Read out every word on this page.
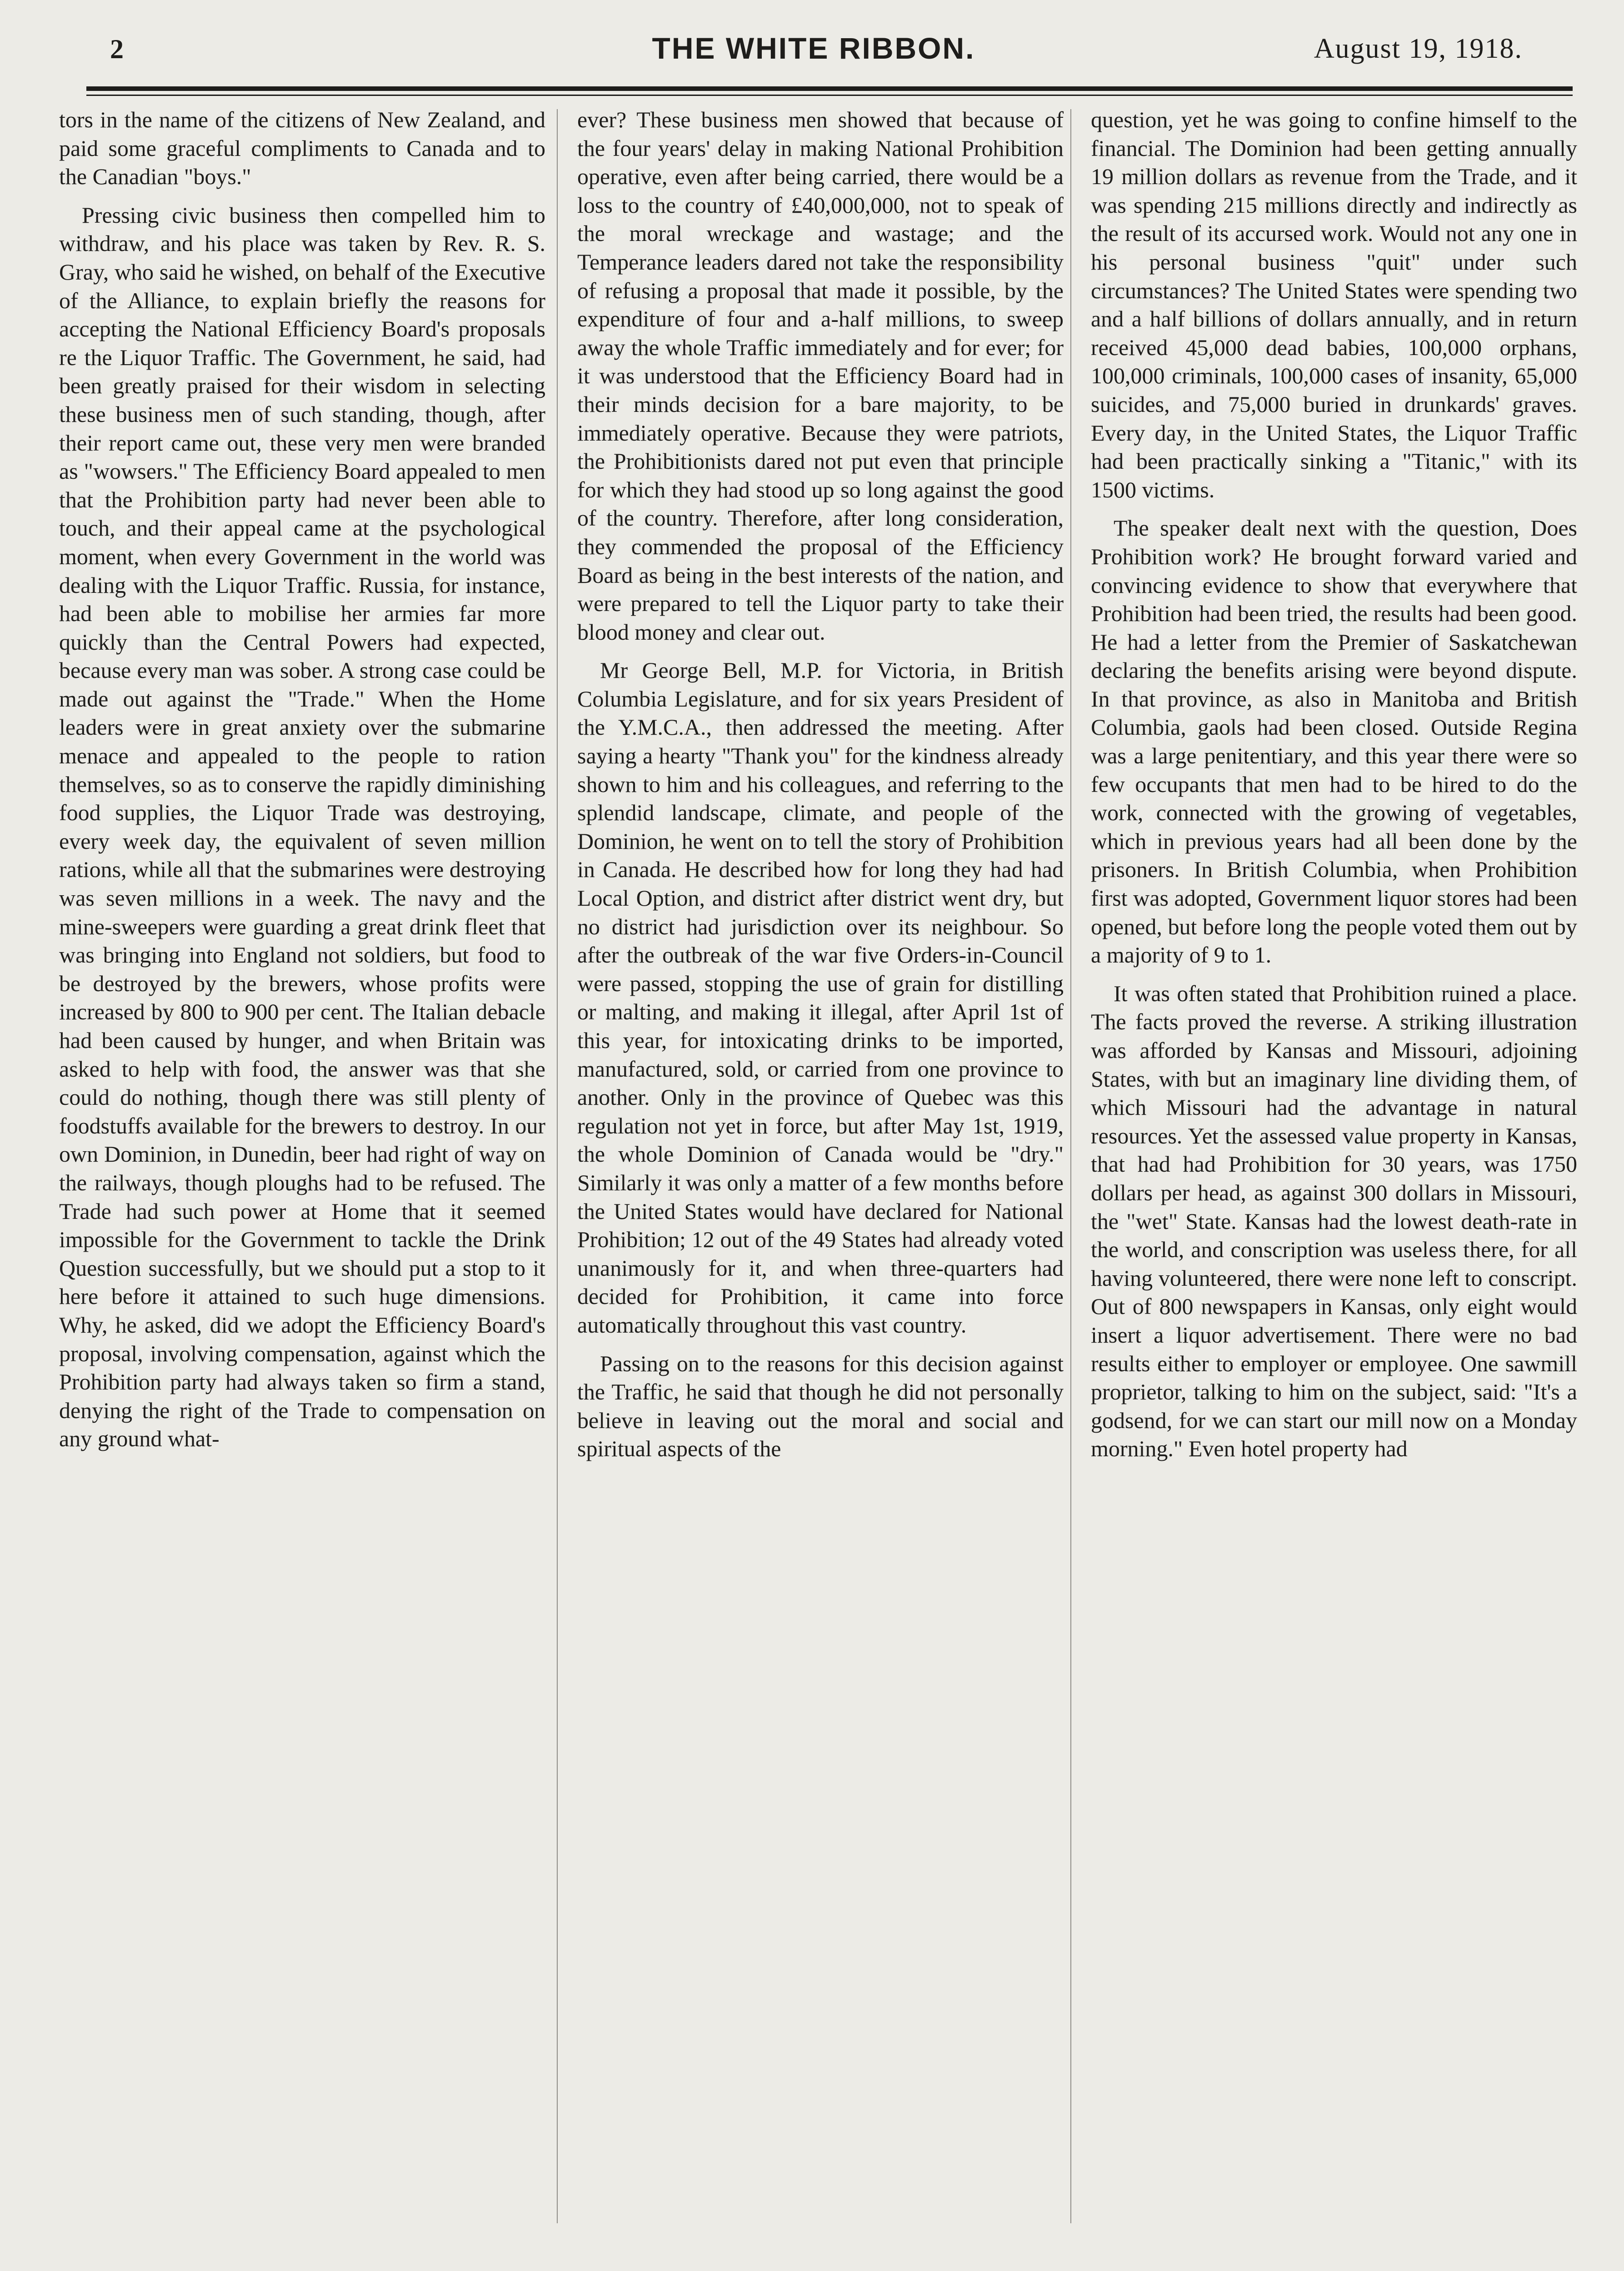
2	THE WHITE RIBBON.	August 19, 1918.

tors in the name of the citizens of New Zealand, and paid some graceful compliments to Canada and to the Canadian "boys."

Pressing civic business then compelled him to withdraw, and his place was taken by Rev. R. S. Gray, who said he wished, on behalf of the Executive of the Alliance, to explain briefly the reasons for accepting the National Efficiency Board's proposals re the Liquor Traffic. The Government, he said, had been greatly praised for their wisdom in selecting these business men of such standing, though, after their report came out, these very men were branded as "wowsers." The Efficiency Board appealed to men that the Prohibition party had never been able to touch, and their appeal came at the psychological moment, when every Government in the world was dealing with the Liquor Traffic. Russia, for instance, had been able to mobilise her armies far more quickly than the Central Powers had expected, because every man was sober. A strong case could be made out against the "Trade." When the Home leaders were in great anxiety over the submarine menace and appealed to the people to ration themselves, so as to conserve the rapidly diminishing food supplies, the Liquor Trade was destroying, every week day, the equivalent of seven million rations, while all that the submarines were destroying was seven millions in a week. The navy and the mine-sweepers were guarding a great drink fleet that was bringing into England not soldiers, but food to be destroyed by the brewers, whose profits were increased by 800 to 900 per cent. The Italian debacle had been caused by hunger, and when Britain was asked to help with food, the answer was that she could do nothing, though there was still plenty of foodstuffs available for the brewers to destroy. In our own Dominion, in Dunedin, beer had right of way on the railways, though ploughs had to be refused. The Trade had such power at Home that it seemed impossible for the Government to tackle the Drink Question successfully, but we should put a stop to it here before it attained to such huge dimensions. Why, he asked, did we adopt the Efficiency Board's proposal, involving compensation, against which the Prohibition party had always taken so firm a stand, denying the right of the Trade to compensation on any ground what-

ever? These business men showed that because of the four years' delay in making National Prohibition operative, even after being carried, there would be a loss to the country of £40,000,000, not to speak of the moral wreckage and wastage; and the Temperance leaders dared not take the responsibility of refusing a proposal that made it possible, by the expenditure of four and a-half millions, to sweep away the whole Traffic immediately and for ever; for it was understood that the Efficiency Board had in their minds decision for a bare majority, to be immediately operative. Because they were patriots, the Prohibitionists dared not put even that principle for which they had stood up so long against the good of the country. Therefore, after long consideration, they commended the proposal of the Efficiency Board as being in the best interests of the nation, and were prepared to tell the Liquor party to take their blood money and clear out.

Mr George Bell, M.P. for Victoria, in British Columbia Legislature, and for six years President of the Y.M.C.A., then addressed the meeting. After saying a hearty "Thank you" for the kindness already shown to him and his colleagues, and referring to the splendid landscape, climate, and people of the Dominion, he went on to tell the story of Prohibition in Canada. He described how for long they had had Local Option, and district after district went dry, but no district had jurisdiction over its neighbour. So after the outbreak of the war five Orders-in-Council were passed, stopping the use of grain for distilling or malting, and making it illegal, after April 1st of this year, for intoxicating drinks to be imported, manufactured, sold, or carried from one province to another. Only in the province of Quebec was this regulation not yet in force, but after May 1st, 1919, the whole Dominion of Canada would be "dry." Similarly it was only a matter of a few months before the United States would have declared for National Prohibition; 12 out of the 49 States had already voted unanimously for it, and when three-quarters had decided for Prohibition, it came into force automatically throughout this vast country.

Passing on to the reasons for this decision against the Traffic, he said that though he did not personally believe in leaving out the moral and social and spiritual aspects of the

question, yet he was going to confine himself to the financial. The Dominion had been getting annually 19 million dollars as revenue from the Trade, and it was spending 215 millions directly and indirectly as the result of its accursed work. Would not any one in his personal business "quit" under such circumstances? The United States were spending two and a half billions of dollars annually, and in return received 45,000 dead babies, 100,000 orphans, 100,000 criminals, 100,000 cases of insanity, 65,000 suicides, and 75,000 buried in drunkards' graves. Every day, in the United States, the Liquor Traffic had been practically sinking a "Titanic," with its 1500 victims.

The speaker dealt next with the question, Does Prohibition work? He brought forward varied and convincing evidence to show that everywhere that Prohibition had been tried, the results had been good. He had a letter from the Premier of Saskatchewan declaring the benefits arising were beyond dispute. In that province, as also in Manitoba and British Columbia, gaols had been closed. Outside Regina was a large penitentiary, and this year there were so few occupants that men had to be hired to do the work, connected with the growing of vegetables, which in previous years had all been done by the prisoners. In British Columbia, when Prohibition first was adopted, Government liquor stores had been opened, but before long the people voted them out by a majority of 9 to 1.

It was often stated that Prohibition ruined a place. The facts proved the reverse. A striking illustration was afforded by Kansas and Missouri, adjoining States, with but an imaginary line dividing them, of which Missouri had the advantage in natural resources. Yet the assessed value property in Kansas, that had had Prohibition for 30 years, was 1750 dollars per head, as against 300 dollars in Missouri, the "wet" State. Kansas had the lowest death-rate in the world, and conscription was useless there, for all having volunteered, there were none left to conscript. Out of 800 newspapers in Kansas, only eight would insert a liquor advertisement. There were no bad results either to employer or employee. One sawmill proprietor, talking to him on the subject, said: "It's a godsend, for we can start our mill now on a Monday morning." Even hotel property had
